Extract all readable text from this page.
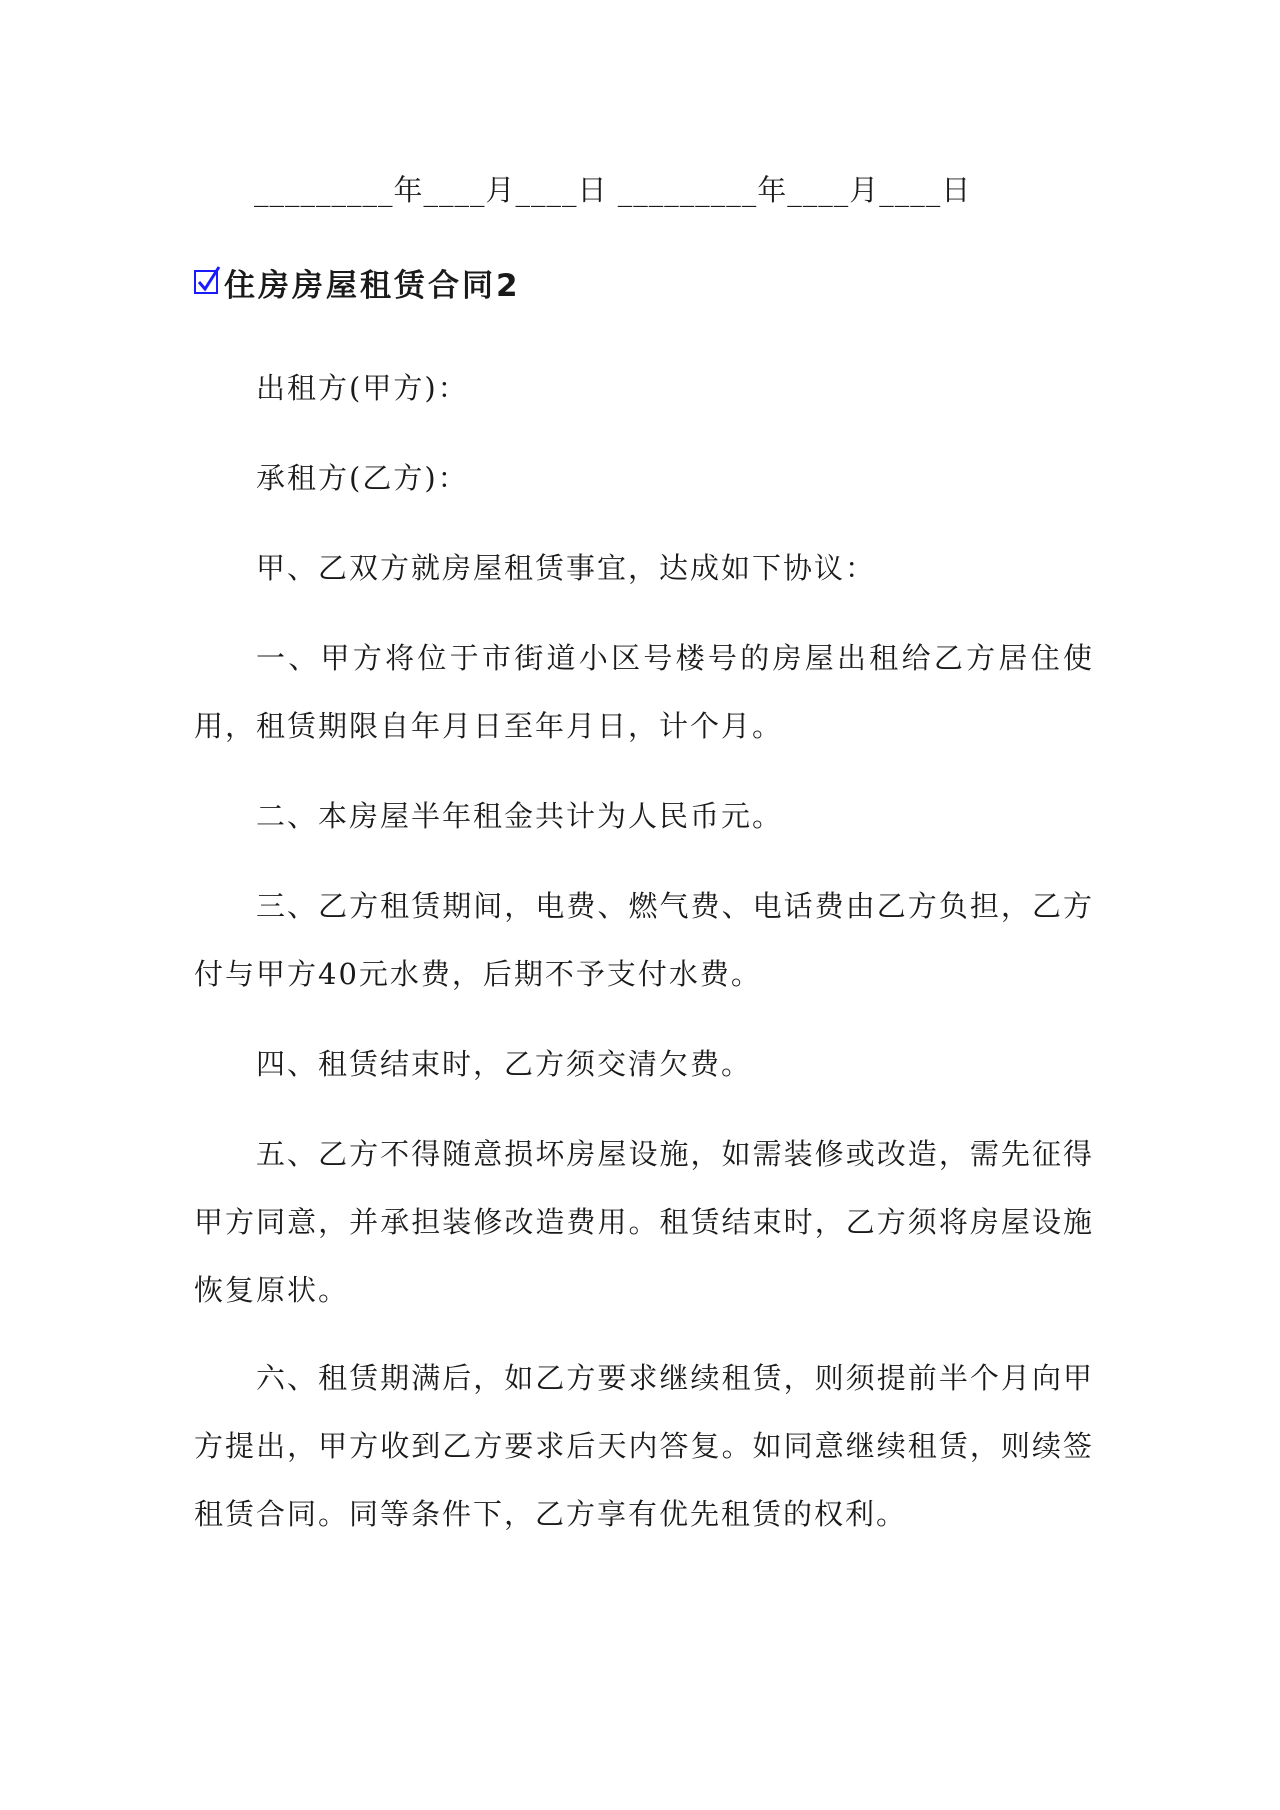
_________年____月____日 _________年____月____日
住房房屋租赁合同2

出租方(甲方)：

承租方(乙方)：

甲、乙双方就房屋租赁事宜，达成如下协议：

一、甲方将位于市街道小区号楼号的房屋出租给乙方居住使用，租赁期限自年月日至年月日，计个月。

二、本房屋半年租金共计为人民币元。

三、乙方租赁期间，电费、燃气费、电话费由乙方负担，乙方付与甲方40元水费，后期不予支付水费。

四、租赁结束时，乙方须交清欠费。

五、乙方不得随意损坏房屋设施，如需装修或改造，需先征得甲方同意，并承担装修改造费用。租赁结束时，乙方须将房屋设施恢复原状。

六、租赁期满后，如乙方要求继续租赁，则须提前半个月向甲方提出，甲方收到乙方要求后天内答复。如同意继续租赁，则续签租赁合同。同等条件下，乙方享有优先租赁的权利。
